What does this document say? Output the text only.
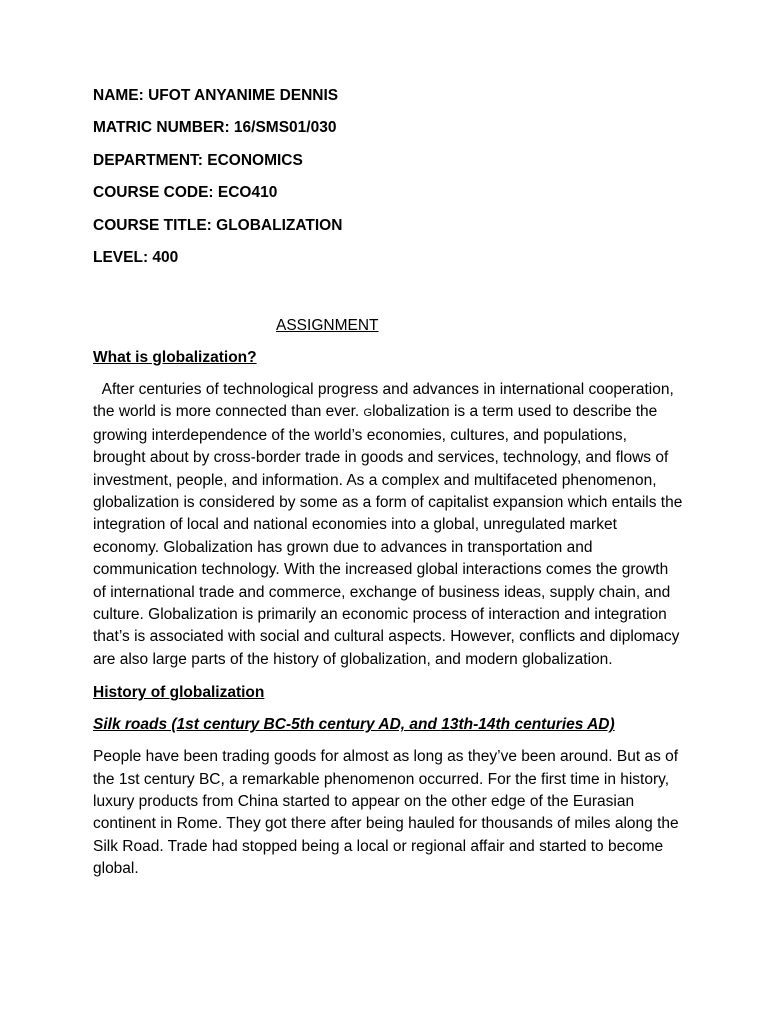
NAME: UFOT ANYANIME DENNIS
MATRIC NUMBER: 16/SMS01/030
DEPARTMENT: ECONOMICS
COURSE CODE: ECO410
COURSE TITLE: GLOBALIZATION
LEVEL: 400
ASSIGNMENT
What is globalization?

After centuries of technological progress and advances in international cooperation, the world is more connected than ever. Globalization is a term used to describe the growing interdependence of the world’s economies, cultures, and populations, brought about by cross-border trade in goods and services, technology, and flows of investment, people, and information. As a complex and multifaceted phenomenon, globalization is considered by some as a form of capitalist expansion which entails the integration of local and national economies into a global, unregulated market economy. Globalization has grown due to advances in transportation and communication technology. With the increased global interactions comes the growth of international trade and commerce, exchange of business ideas, supply chain, and culture. Globalization is primarily an economic process of interaction and integration that’s is associated with social and cultural aspects. However, conflicts and diplomacy are also large parts of the history of globalization, and modern globalization.

History of globalization
Silk roads (1st century BC-5th century AD, and 13th-14th centuries AD)

People have been trading goods for almost as long as they’ve been around. But as of the 1st century BC, a remarkable phenomenon occurred. For the first time in history, luxury products from China started to appear on the other edge of the Eurasian continent in Rome. They got there after being hauled for thousands of miles along the Silk Road. Trade had stopped being a local or regional affair and started to become global.
